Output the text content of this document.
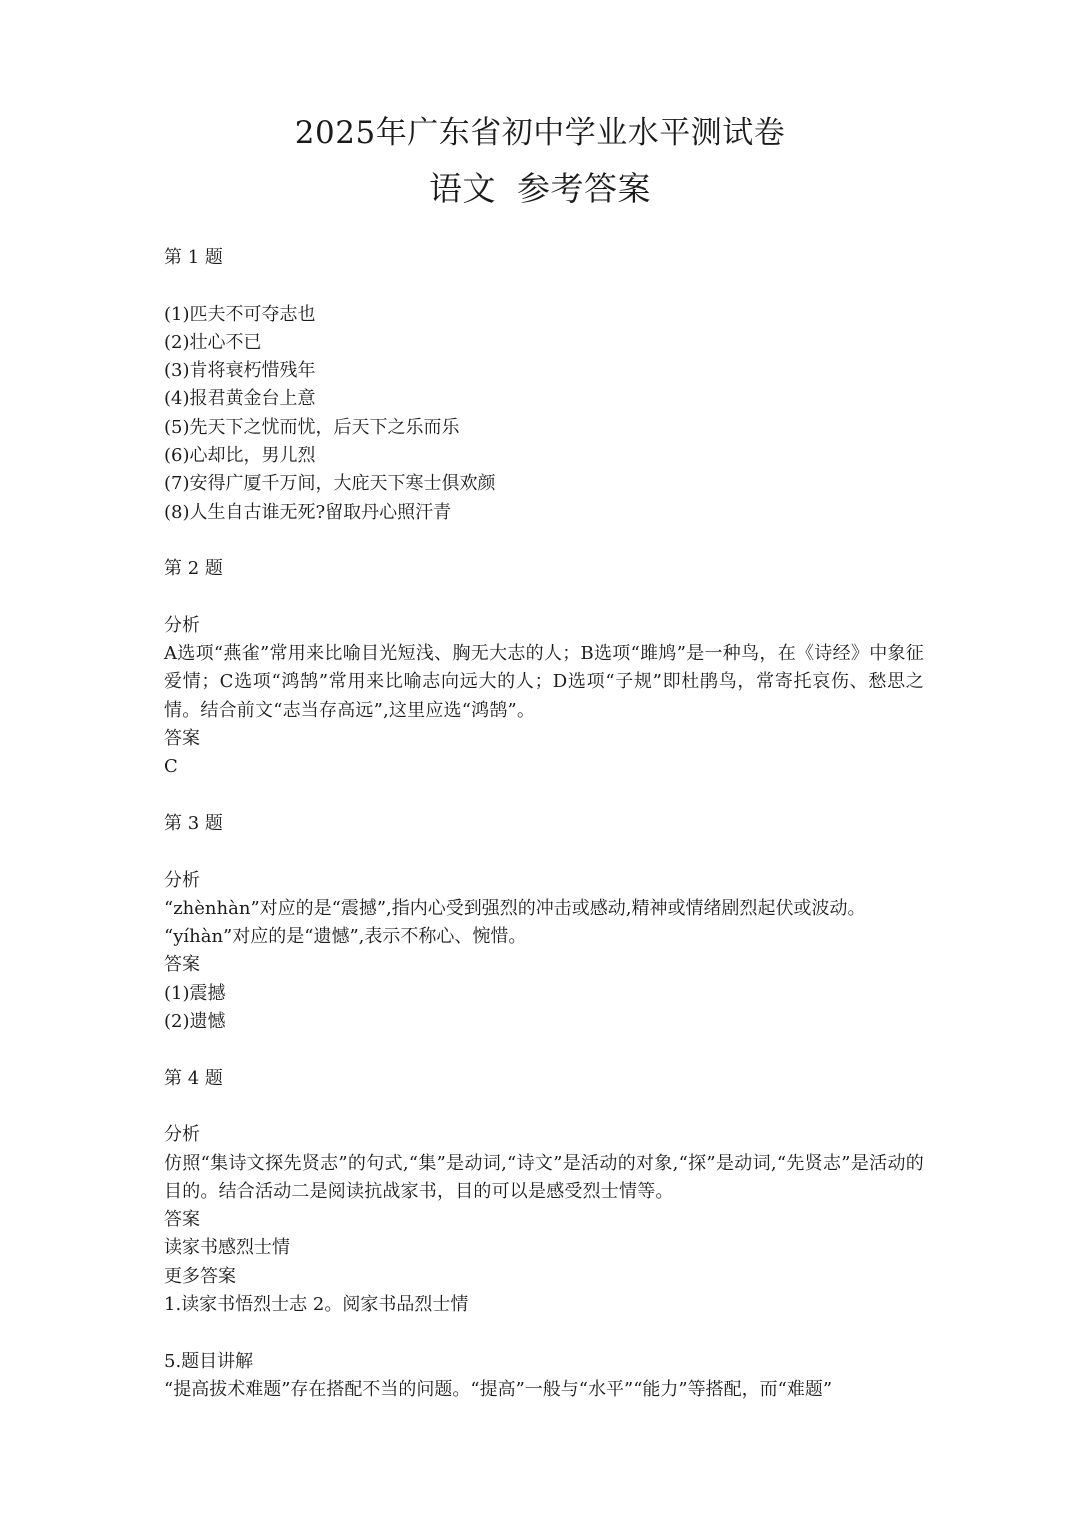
2025年广东省初中学业水平测试卷
语文 参考答案
第 1 题
(1)匹夫不可夺志也
(2)壮心不已
(3)肯将衰朽惜残年
(4)报君黄金台上意
(5)先天下之忧而忧，后天下之乐而乐
(6)心却比，男儿烈
(7)安得广厦千万间，大庇天下寒士俱欢颜
(8)人生自古谁无死?留取丹心照汗青
第 2 题
分析
A选项“燕雀”常用来比喻目光短浅、胸无大志的人；B选项“雎鸠”是一种鸟，在《诗经》中象征爱情；C选项“鸿鹄”常用来比喻志向远大的人；D选项“子规”即杜鹃鸟，常寄托哀伤、愁思之情。结合前文“志当存高远”,这里应选“鸿鹄”。
答案
C
第 3 题
分析
“zhènhàn”对应的是“震撼”,指内心受到强烈的冲击或感动,精神或情绪剧烈起伏或波动。
“yíhàn”对应的是“遗憾”,表示不称心、惋惜。
答案
(1)震撼
(2)遗憾
第 4 题
分析
仿照“集诗文探先贤志”的句式,“集”是动词,“诗文”是活动的对象,“探”是动词,“先贤志”是活动的目的。结合活动二是阅读抗战家书，目的可以是感受烈士情等。
答案
读家书感烈士情
更多答案
1.读家书悟烈士志 2。阅家书品烈士情
5.题目讲解
“提高拔术难题”存在搭配不当的问题。“提高”一般与“水平”“能力”等搭配，而“难题”
